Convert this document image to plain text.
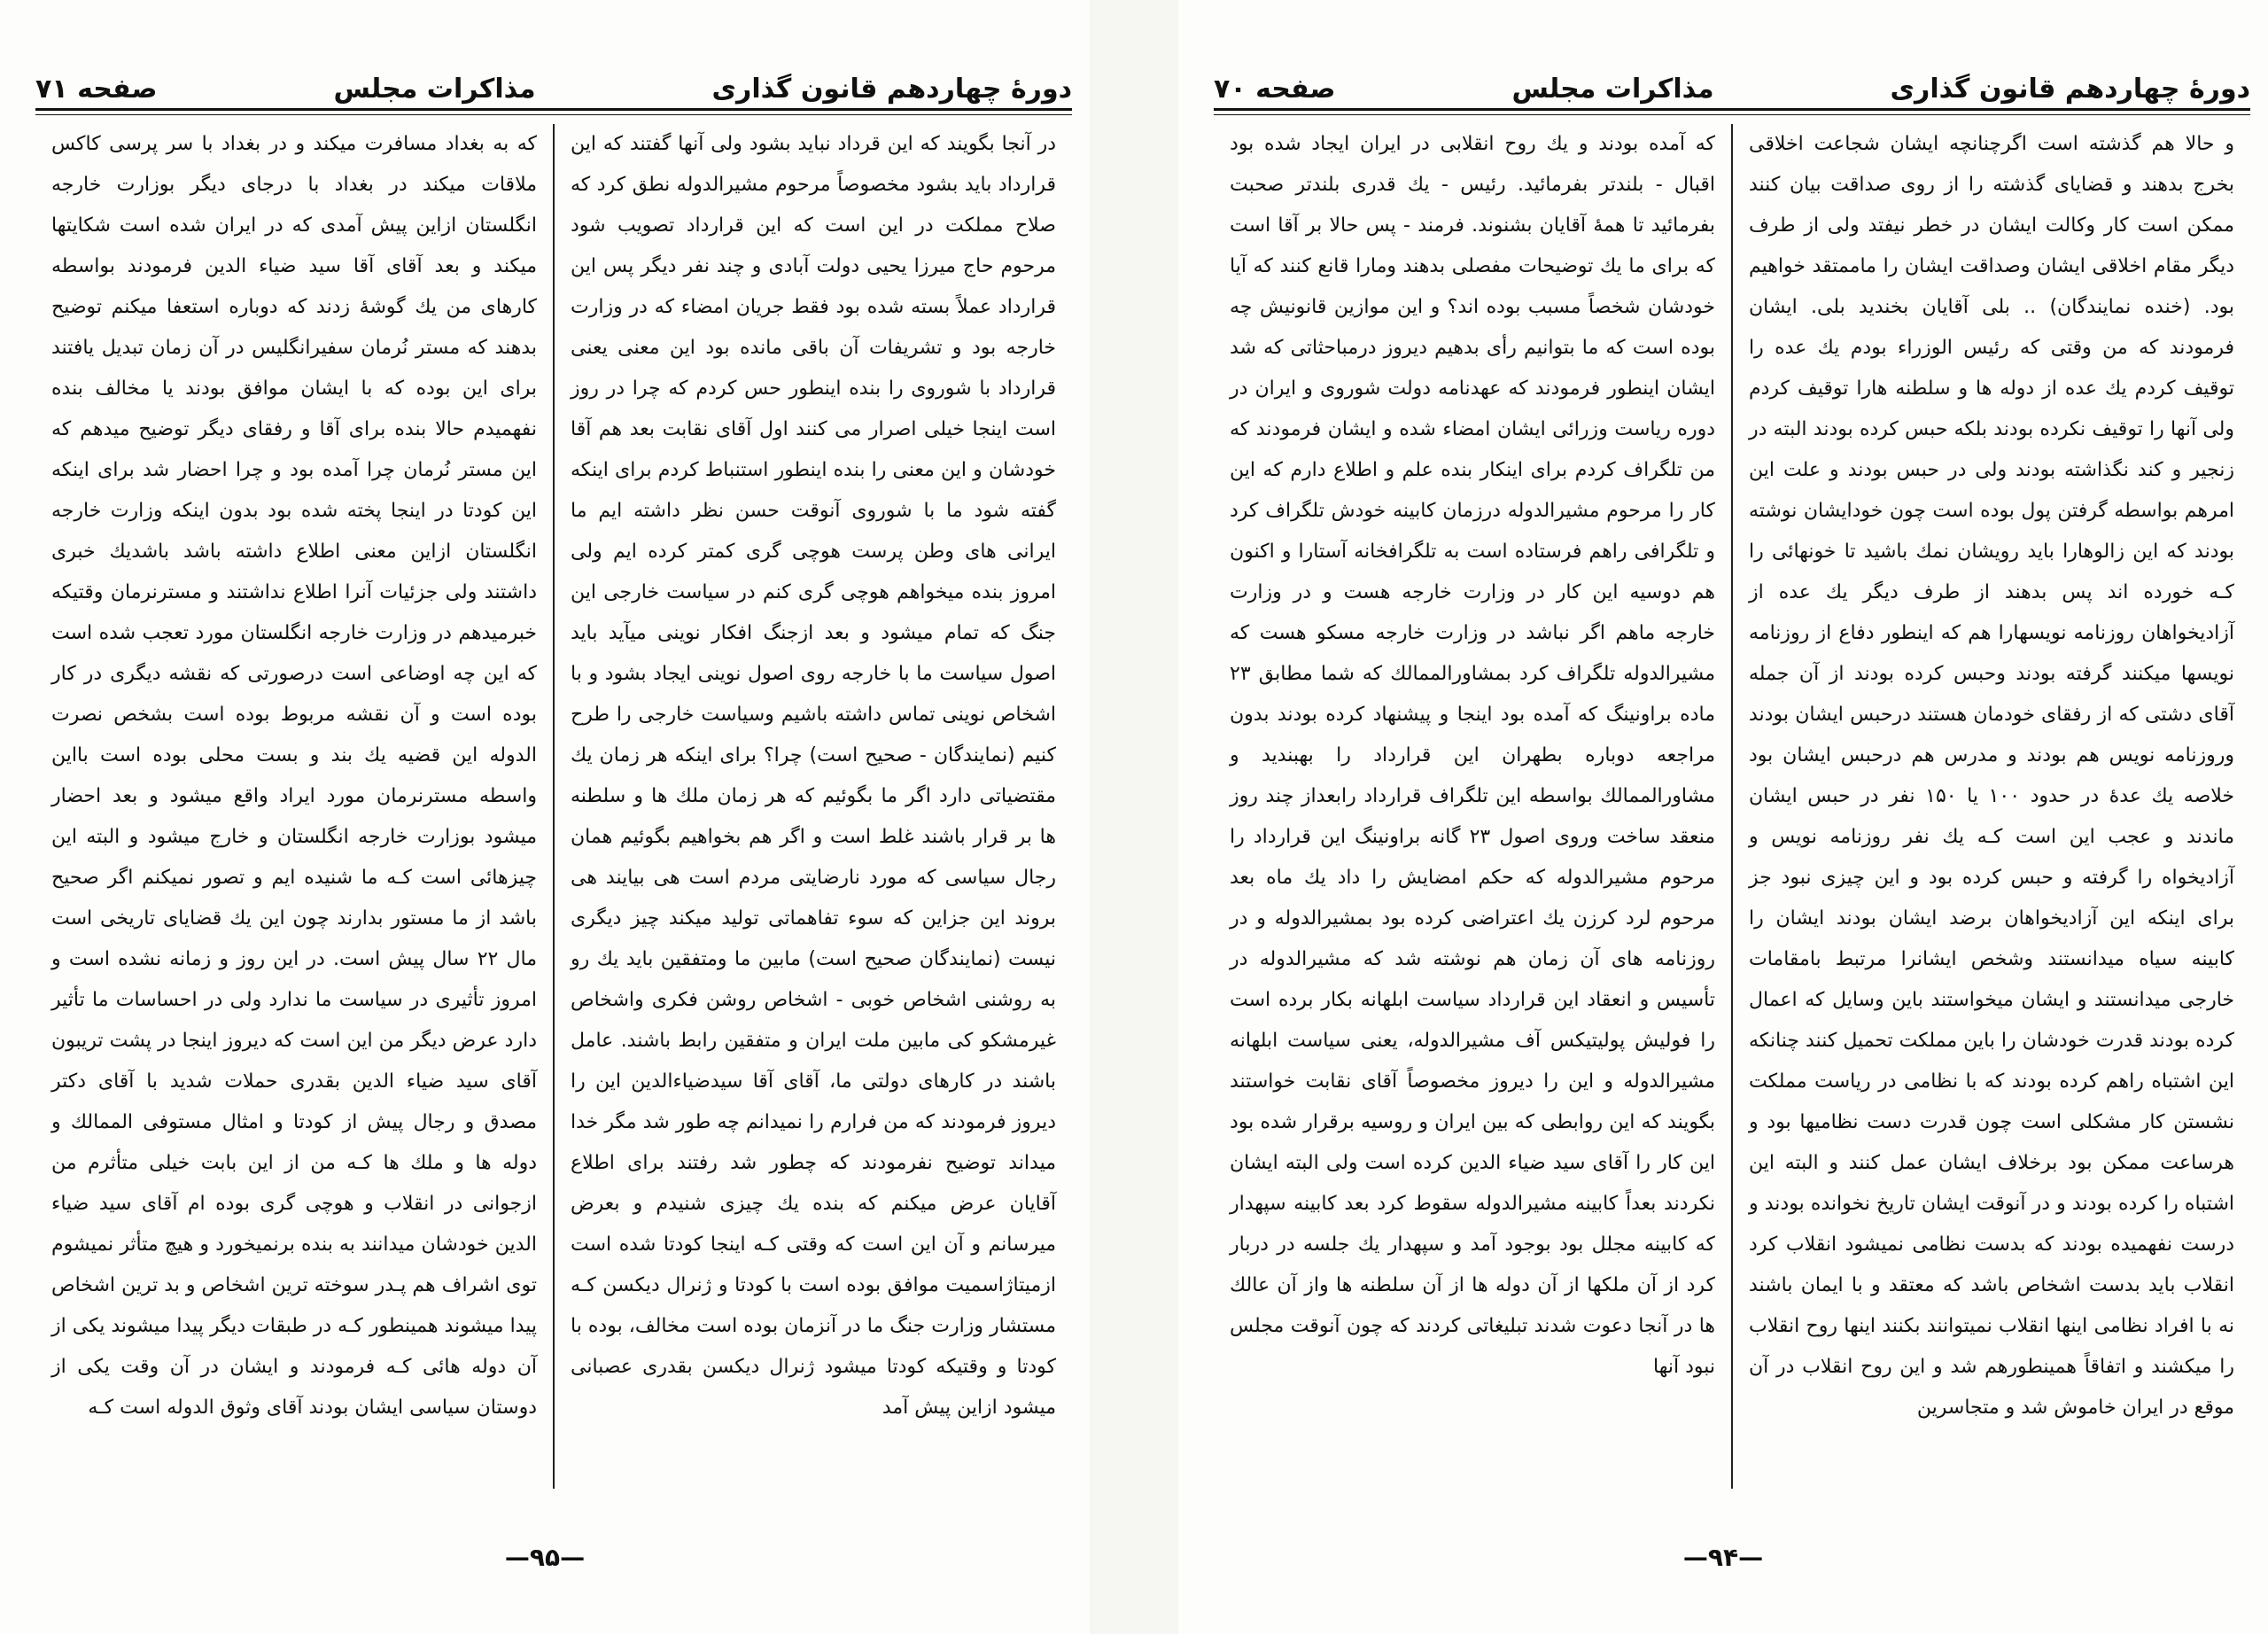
دورۀ چهاردهم قانون گذاری
مذاکرات مجلس
صفحه ۷۱

در آنجا بگویند که این قرداد نباید بشود ولی آنها گفتند که این قرارداد باید بشود مخصوصاً مرحوم مشیرالدوله نطق کرد که صلاح مملکت در این است که این قرارداد تصویب شود مرحوم حاج میرزا یحیی دولت آبادی و چند نفر دیگر پس این قرارداد عملاً بسته شده بود فقط جریان امضاء که در وزارت خارجه بود و تشریفات آن باقی مانده بود این معنی یعنی قرارداد با شوروی را بنده اینطور حس کردم که چرا در روز است اینجا خیلی اصرار می کنند اول آقای نقابت بعد هم آقا خودشان و این معنی را بنده اینطور استنباط کردم برای اینکه گفته شود ما با شوروی آنوقت حسن نظر داشته ایم ما ایرانی های وطن پرست هوچی گری کمتر کرده ایم ولی امروز بنده میخواهم هوچی گری کنم در سیاست خارجی این جنگ که تمام میشود و بعد ازجنگ افکار نوینی میآید باید اصول سیاست ما با خارجه روی اصول نوینی ایجاد بشود و با اشخاص نوینی تماس داشته باشیم وسیاست خارجی را طرح کنیم (نمایندگان - صحیح است) چرا؟ برای اینکه هر زمان یك مقتضیاتی دارد اگر ما بگوئیم که هر زمان ملك ها و سلطنه ها بر قرار باشند غلط است و اگر هم بخواهیم بگوئیم همان رجال سیاسی که مورد نارضایتی مردم است هی بیایند هی بروند این جزاین که سوء تفاهماتی تولید میکند چیز دیگری نیست (نمایندگان صحیح است) مابین ما ومتفقین باید یك رو به روشنی اشخاص خوبی - اشخاص روشن فکری واشخاص غیرمشکو کی مابین ملت ایران و متفقین رابط باشند. عامل باشند در کارهای دولتی ما، آقای آقا سیدضیاءالدین این را دیروز فرمودند که من فرارم را نمیدانم چه طور شد مگر خدا میداند توضیح نفرمودند که چطور شد رفتند برای اطلاع آقایان عرض میکنم که بنده یك چیزی شنیدم و بعرض میرسانم و آن این است که وقتی کـه اینجا کودتا شده است ازمیتاژاسمیت موافق بوده است با کودتا و ژنرال دیکسن کـه مستشار وزارت جنگ ما در آنزمان بوده است مخالف، بوده با کودتا و وقتیکه کودتا میشود ژنرال دیکسن بقدری عصبانی میشود ازاین پیش آمد

که به بغداد مسافرت میکند و در بغداد با سر پرسی کاکس ملاقات میکند در بغداد با درجای دیگر بوزارت خارجه انگلستان ازاین پیش آمدی که در ایران شده است شکایتها میکند و بعد آقای آقا سید ضیاء الدین فرمودند بواسطه کارهای من یك گوشهٔ زدند که دوباره استعفا میکنم توضیح بدهند که مستر نُرمان سفیرانگلیس در آن زمان تبدیل یافتند برای این بوده که با ایشان موافق بودند یا مخالف بنده نفهمیدم حالا بنده برای آقا و رفقای دیگر توضیح میدهم که این مستر نُرمان چرا آمده بود و چرا احضار شد برای اینکه این کودتا در اینجا پخته شده بود بدون اینکه وزارت خارجه انگلستان ازاین معنی اطلاع داشته باشد باشدیك خبری داشتند ولی جزئیات آنرا اطلاع نداشتند و مسترنرمان وقتیکه خبرمیدهم در وزارت خارجه انگلستان مورد تعجب شده است که این چه اوضاعی است درصورتی که نقشه دیگری در کار بوده است و آن نقشه مربوط بوده است بشخص نصرت الدوله این قضیه یك بند و بست محلی بوده است بااین واسطه مسترنرمان مورد ایراد واقع میشود و بعد احضار میشود بوزارت خارجه انگلستان و خارج میشود و البته این چیزهائی است کـه ما شنیده ایم و تصور نمیکنم اگر صحیح باشد از ما مستور بدارند چون این یك قضایای تاریخی است مال ۲۲ سال پیش است. در این روز و زمانه نشده است و امروز تأثیری در سیاست ما ندارد ولی در احساسات ما تأثیر دارد عرض دیگر من این است که دیروز اینجا در پشت تریبون آقای سید ضیاء الدین بقدری حملات شدید با آقای دکتر مصدق و رجال پیش از کودتا و امثال مستوفی الممالك و دوله ها و ملك ها کـه من از این بابت خیلی متأثرم من ازجوانی در انقلاب و هوچی گری بوده ام آقای سید ضیاء الدین خودشان میدانند به بنده برنمیخورد و هیچ متأثر نمیشوم توی اشراف هم پـدر سوخته ترین اشخاص و بد ترین اشخاص پیدا میشوند همینطور کـه در طبقات دیگر پیدا میشوند یکی از آن دوله هائی کـه فرمودند و ایشان در آن وقت یکی از دوستان سیاسی ایشان بودند آقای وثوق الدوله است کـه

—۹۵—
دورۀ چهاردهم قانون گذاری
مذاکرات مجلس
صفحه ۷۰

و حالا هم گذشته است اگرچنانچه ایشان شجاعت اخلاقی بخرج بدهند و قضایای گذشته را از روی صداقت بیان کنند ممکن است کار وکالت ایشان در خطر نیفتد ولی از طرف دیگر مقام اخلاقی ایشان وصداقت ایشان را ماممتقد خواهیم بود. (خنده نمایندگان) .. بلی آقایان بخندید بلی. ایشان فرمودند که من وقتی که رئیس الوزراء بودم یك عده را توقیف کردم یك عده از دوله ها و سلطنه هارا توقیف کردم ولی آنها را توقیف نکرده بودند بلکه حبس کرده بودند البته در زنجیر و کند نگذاشته بودند ولی در حبس بودند و علت این امرهم بواسطه گرفتن پول بوده است چون خودایشان نوشته بودند که این زالوهارا باید رویشان نمك باشید تا خونهائی را کـه خورده اند پس بدهند از طرف دیگر یك عده از آزادیخواهان روزنامه نویسهارا هم که اینطور دفاع از روزنامه نویسها میکنند گرفته بودند وحبس کرده بودند از آن جمله آقای دشتی که از رفقای خودمان هستند درحبس ایشان بودند وروزنامه نویس هم بودند و مدرس هم درحبس ایشان بود خلاصه یك عدهٔ در حدود ۱۰۰ یا ۱۵۰ نفر در حبس ایشان ماندند و عجب این است کـه یك نفر روزنامه نویس و آزادیخواه را گرفته و حبس کرده بود و این چیزی نبود جز برای اینکه این آزادیخواهان برضد ایشان بودند ایشان را کابینه سیاه میدانستند وشخص ایشانرا مرتبط بامقامات خارجی میدانستند و ایشان میخواستند باین وسایل که اعمال کرده بودند قدرت خودشان را باین مملکت تحمیل کنند چنانکه این اشتباه راهم کرده بودند که با نظامی در ریاست مملکت نشستن کار مشکلی است چون قدرت دست نظامیها بود و هرساعت ممکن بود برخلاف ایشان عمل کنند و البته این اشتباه را کرده بودند و در آنوقت ایشان تاریخ نخوانده بودند و درست نفهمیده بودند که بدست نظامی نمیشود انقلاب کرد انقلاب باید بدست اشخاص باشد که معتقد و با ایمان باشند نه با افراد نظامی اینها انقلاب نمیتوانند بکنند اینها روح انقلاب را میکشند و اتفاقاً همینطورهم شد و این روح انقلاب در آن موقع در ایران خاموش شد و متجاسرین

که آمده بودند و یك روح انقلابی در ایران ایجاد شده بود اقبال - بلندتر بفرمائید. رئیس - یك قدری بلندتر صحبت بفرمائید تا همهٔ آقایان بشنوند. فرمند - پس حالا بر آقا است که برای ما یك توضیحات مفصلی بدهند ومارا قانع کنند که آیا خودشان شخصاً مسبب بوده اند؟ و این موازین قانونیش چه بوده است که ما بتوانیم رأی بدهیم دیروز درمباحثاتی که شد ایشان اینطور فرمودند که عهدنامه دولت شوروی و ایران در دوره ریاست وزرائی ایشان امضاء شده و ایشان فرمودند که من تلگراف کردم برای اینکار بنده علم و اطلاع دارم که این کار را مرحوم مشیرالدوله درزمان کابینه خودش تلگراف کرد و تلگرافی راهم فرستاده است به تلگرافخانه آستارا و اکنون هم دوسیه این کار در وزارت خارجه هست و در وزارت خارجه ماهم اگر نباشد در وزارت خارجه مسکو هست که مشیرالدوله تلگراف کرد بمشاورالممالك که شما مطابق ۲۳ ماده براونینگ که آمده بود اینجا و پیشنهاد کرده بودند بدون مراجعه دوباره بطهران این قرارداد را بهبندید و مشاورالممالك بواسطه این تلگراف قرارداد رابعداز چند روز منعقد ساخت وروی اصول ۲۳ گانه براونینگ این قرارداد را مرحوم مشیرالدوله که حکم امضایش را داد یك ماه بعد مرحوم لرد کرزن یك اعتراضی کرده بود بمشیرالدوله و در روزنامه های آن زمان هم نوشته شد که مشیرالدوله در تأسیس و انعقاد این قرارداد سیاست ابلهانه بکار برده است را فولیش پولیتیکس آف مشیرالدوله، یعنی سیاست ابلهانه مشیرالدوله و این را دیروز مخصوصاً آقای نقابت خواستند بگویند که این روابطی که بین ایران و روسیه برقرار شده بود این کار را آقای سید ضیاء الدین کرده است ولی البته ایشان نکردند بعداً کابینه مشیرالدوله سقوط کرد بعد کابینه سپهدار که کابینه مجلل بود بوجود آمد و سپهدار یك جلسه در دربار کرد از آن ملکها از آن دوله ها از آن سلطنه ها واز آن عالك ها در آنجا دعوت شدند تبلیغاتی کردند که چون آنوقت مجلس نبود آنها

—۹۴—
